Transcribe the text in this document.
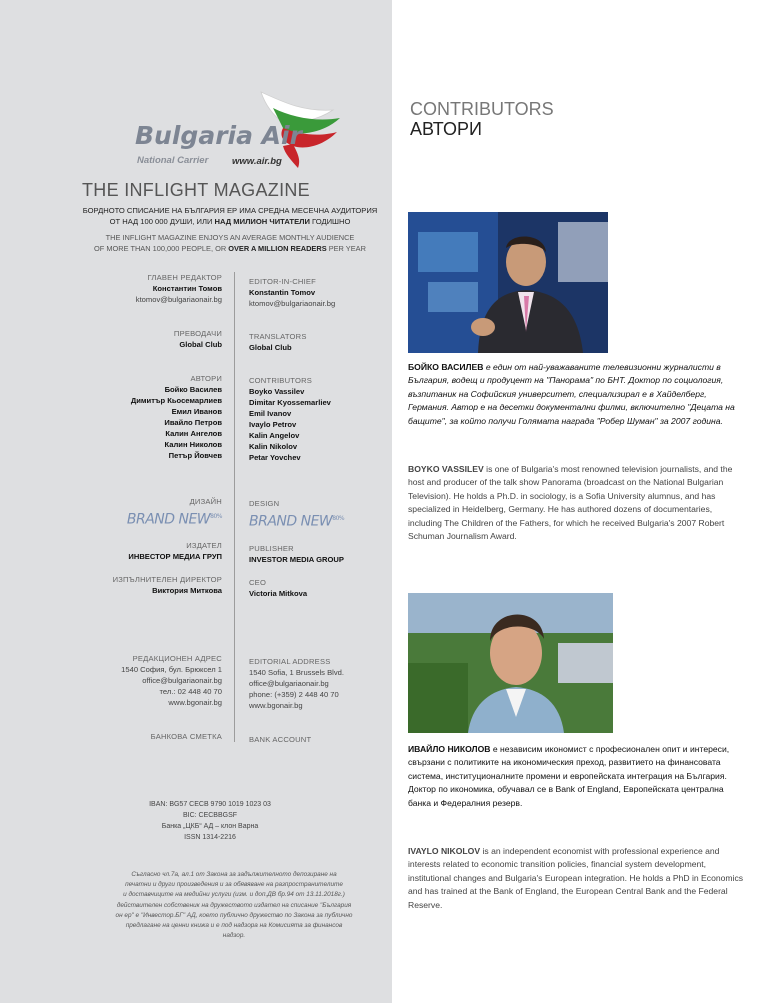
Bulgaria Air
National Carrier www.air.bg
THE INFLIGHT MAGAZINE
БОРДНОТО СПИСАНИЕ НА БЪЛГАРИЯ ЕР ИМА СРЕДНА МЕСЕЧНА АУДИТОРИЯ
ОТ НАД 100 000 ДУШИ, ИЛИ НАД МИЛИОН ЧИТАТЕЛИ ГОДИШНО
THE INFLIGHT MAGAZINE ENJOYS AN AVERAGE MONTHLY AUDIENCE
OF MORE THAN 100,000 PEOPLE, OR OVER A MILLION READERS PER YEAR
ГЛАВЕН РЕДАКТОР
Константин Томов
ktomov@bulgariaonair.bg
EDITOR-IN-CHIEF
Konstantin Tomov
ktomov@bulgariaonair.bg
ПРЕВОДАЧИ
Global Club
TRANSLATORS
Global Club
АВТОРИ
Бойко Василев
Димитър Кьосемарлиев
Емил Иванов
Ивайло Петров
Калин Ангелов
Калин Николов
Петър Йовчев
CONTRIBUTORS
Boyko Vassilev
Dimitar Kyossemarliev
Emil Ivanov
Ivaylo Petrov
Kalin Angelov
Kalin Nikolov
Petar Yovchev
ДИЗАЙН
BRAND $NEW^{80\%}$
DESIGN
BRAND $NEW^{80\%}$
ИЗДАТЕЛ
ИНВЕСТОР МЕДИА ГРУП
PUBLISHER
INVESTOR MEDIA GROUP
ИЗПЪЛНИТЕЛЕН ДИРЕКТОР
Виктория Митков​а
CEO
Victoria Mitkova
РЕДАКЦИОНЕН АДРЕС
1540 София, бул. Брюксел 1
office@bulgariaonair.bg
тел.: 02 448 40 70
www.bgonair.bg
EDITORIAL ADDRESS
1540 Sofia, 1 Brussels Blvd.
office@bulgariaonair.bg
phone: (+359) 2 448 40 70
www.bgonair.bg
БАНКОВА СМЕТКА	BANK ACCOUNT
IBAN: BG57 CECB 9790 1019 1023 03
BIC: CECBBGSF
Банка „ЦКБ“ АД – клон Варна
ISSN 1314-2216
Съгласно чл.7а, ал.1 от Закона за задължителното депозиране на
печатни и други произведения и за обявяване на разпространителите
и доставчиците на медийни услуги (изм. и доп.ДВ бр.94 от 13.11.2018г.)
действителен собственик на дружеството издател на списание "България
он ер" е "Инвестор.БГ" АД, което публично дружество по Закона за публично
предлагане на ценни книжа и е под надзора на Комисията за финансов
надзор.
CONTRIBUTORS
АВТОРИ
БОЙКО ВАСИЛЕВ е един от най-уважаваните телевизионни журналисти в България, водещ и продуцент на "Панорама" по БНТ. Доктор по социология, възпитаник на Софийския университет, специализирал е в Хайделберг, Германия. Автор е на десетки документални филми, включително "Децата на бащите", за който получи Голямата награда "Робер Шуман" за 2007 година.
BOYKO VASSILEV is one of Bulgaria's most renowned television journalists, and the host and producer of the talk show Panorama (broadcast on the National Bulgarian Television). He holds a Ph.D. in sociology, is a Sofia University alumnus, and has specialized in Heidelberg, Germany. He has authored dozens of documentaries, including The Children of the Fathers, for which he received Bulgaria's 2007 Robert Schuman Journalism Award.
ИВАЙЛО НИКОЛОВ е независим икономист с професионален опит и интереси, свързани с политиките на икономическия преход, развитието на финансовата система, институционалните промени и европейската интеграция на България. Доктор по икономика, обучавал се в Bank of England, Европейската централна банка и Федералния резерв.
IVAYLO NIKOLOV is an independent economist with professional experience and interests related to economic transition policies, financial system development, institutional changes and Bulgaria's European integration. He holds a PhD in Economics and has trained at the Bank of England, the European Central Bank and the Federal Reserve.
